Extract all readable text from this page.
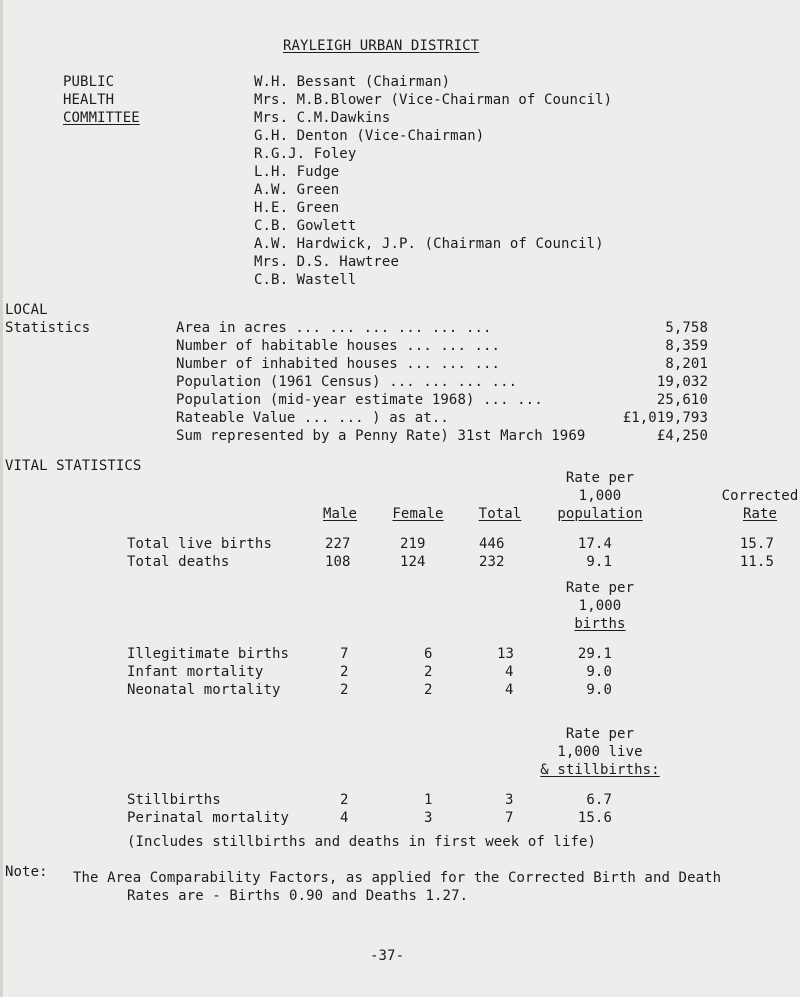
RAYLEIGH URBAN DISTRICT
PUBLIC
HEALTH
COMMITTEE
W.H. Bessant (Chairman)
Mrs. M.B.Blower (Vice-Chairman of Council)
Mrs. C.M.Dawkins
G.H. Denton (Vice-Chairman)
R.G.J. Foley
L.H. Fudge
A.W. Green
H.E. Green
C.B. Gowlett
A.W. Hardwick, J.P. (Chairman of Council)
Mrs. D.S. Hawtree
C.B. Wastell
LOCAL
Statistics	Area in acres ... ... ... ... ... ...	5,758
Number of habitable houses ... ... ...	8,359
Number of inhabited houses ... ... ...	8,201
Population (1961 Census) ... ... ... ...	19,032
Population (mid-year estimate 1968) ... ...	25,610
Rateable Value ... ... ) as at..	£1,019,793
Sum represented by a Penny Rate) 31st March 1969	£4,250
VITAL STATISTICS
Rate per
1,000
population
Corrected
Rate
Male	Female	Total
Total live births	227	219	446	17.4	15.7
Total deaths	108	124	232	9.1	11.5
Rate per
1,000
births
Illegitimate births	7	6	13	29.1
Infant mortality	2	2	4	9.0
Neonatal mortality	2	2	4	9.0
Rate per
1,000 live
& stillbirths:
Stillbirths	2	1	3	6.7
Perinatal mortality	4	3	7	15.6
(Includes stillbirths and deaths in first week of life)
Note: The Area Comparability Factors, as applied for the Corrected Birth and Death
Rates are - Births 0.90 and Deaths 1.27.
-37-
